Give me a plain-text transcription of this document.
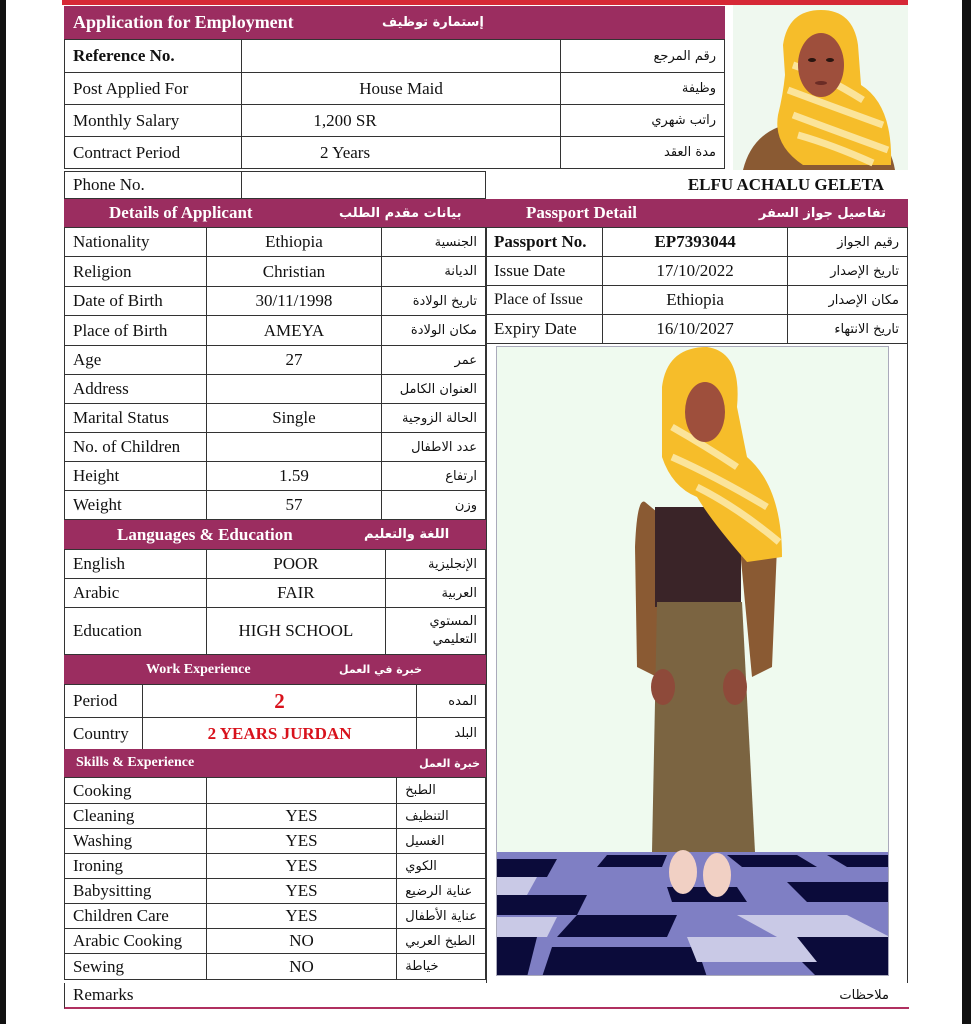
Application for Employment	إستمارة توظيف
Reference No.		رقم المرجع
Post Applied For	House Maid	وظيفة
Monthly Salary	1,200 SR	راتب شهري
Contract Period	2 Years	مدة العقد
Phone No.		ELFU ACHALU GELETA
Details of Applicant	بيانات مقدم الطلب	Passport Detail	تفاصيل جواز السفر
Nationality	Ethiopia	الجنسية
Religion	Christian	الديانة
Date of Birth	30/11/1998	تاريخ الولادة
Place of Birth	AMEYA	مكان الولادة
Age	27	عمر
Address		العنوان الكامل
Marital Status	Single	الحالة الزوجية
No. of Children		عدد الاطفال
Height	1.59	ارتفاع
Weight	57	وزن
Passport No.	EP7393044	رقيم الجواز
Issue Date	17/10/2022	تاريخ الإصدار
Place of Issue	Ethiopia	مكان الإصدار
Expiry Date	16/10/2027	تاريخ الانتهاء
Languages & Education	اللغة والتعليم
English	POOR	الإنجليزية
Arabic	FAIR	العربية
Education	HIGH SCHOOL	المستوي التعليمي
Work Experience	خبرة في العمل
Period	2	المده
Country	2 YEARS JURDAN	البلد
Skills & Experience	خبرة العمل
Cooking		الطبخ
Cleaning	YES	التنظيف
Washing	YES	الغسيل
Ironing	YES	الكوي
Babysitting	YES	عناية الرضيع
Children Care	YES	عناية الأطفال
Arabic Cooking	NO	الطبخ العربي
Sewing	NO	خياطة
Remarks	ملاحظات
